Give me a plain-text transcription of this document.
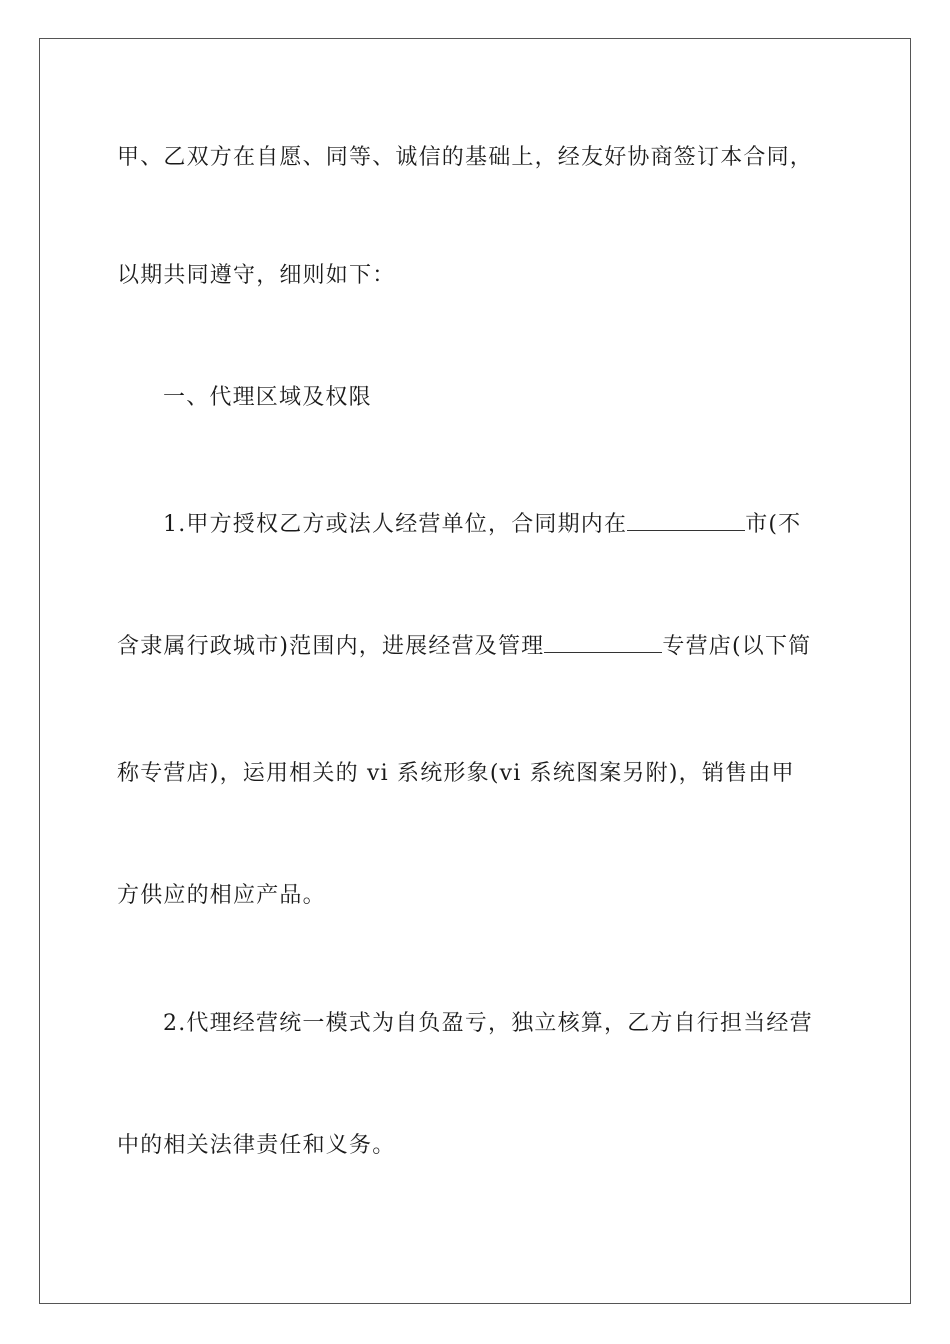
甲、乙双方在自愿、同等、诚信的基础上，经友好协商签订本合同，
以期共同遵守，细则如下：
一、代理区域及权限
1.甲方授权乙方或法人经营单位，合同期内在	市(不
含隶属行政城市)范围内，进展经营及管理	专营店(以下简
称专营店)，运用相关的 vi 系统形象(vi 系统图案另附)，销售由甲
方供应的相应产品。
2.代理经营统一模式为自负盈亏，独立核算，乙方自行担当经营
中的相关法律责任和义务。
